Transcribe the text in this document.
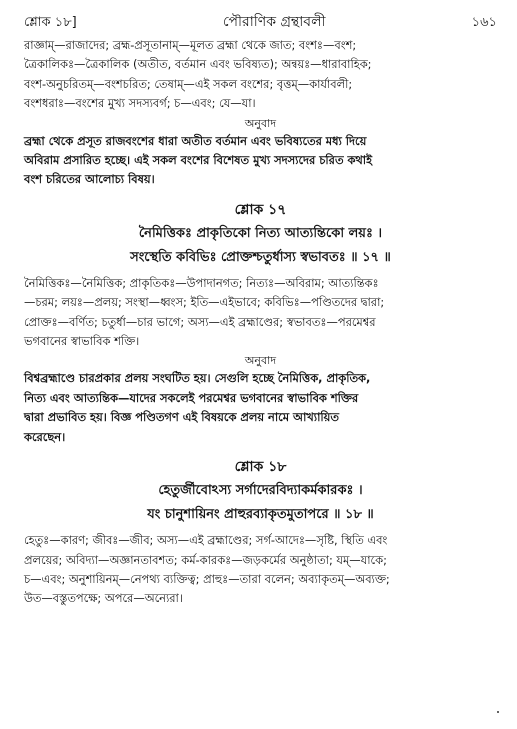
শ্লোক ১৮]	পৌরাণিক গ্রন্থাবলী	১৬১

রাজ্ঞাম্—রাজাদের; ব্রহ্ম-প্রসূতানাম্—মূলত ব্রহ্মা থেকে জাত; বংশঃ—বংশ;

ত্রৈকালিকঃ—ত্রৈকালিক (অতীত, বর্তমান এবং ভবিষ্যত); অন্বয়ঃ—ধারাবাহিক;

বংশ-অনুচরিতম্—বংশচরিত; তেষাম্—এই সকল বংশের; বৃত্তম্—কার্যাবলী;

বংশধরাঃ—বংশের মুখ্য সদস্যবর্গ; চ—এবং; যে—যা।

অনুবাদ

ব্রহ্মা থেকে প্রসূত রাজবংশের ধারা অতীত বর্তমান এবং ভবিষ্যতের মধ্য দিয়ে

অবিরাম প্রসারিত হচ্ছে। এই সকল বংশের বিশেষত মুখ্য সদস্যদের চরিত কথাই

বংশ চরিতের আলোচ্য বিষয়।

শ্লোক ১৭
নৈমিত্তিকঃ প্রাকৃতিকো নিত্য আত্যন্তিকো লয়ঃ ।
সংস্থেতি কবিভিঃ প্রোক্তশ্চতুর্ধাস্য স্বভাবতঃ ॥ ১৭ ॥

নৈমিত্তিকঃ—নৈমিত্তিক; প্রাকৃতিকঃ—উপাদানগত; নিত্যঃ—অবিরাম; আত্যন্তিকঃ

—চরম; লয়ঃ—প্রলয়; সংস্থা—ধ্বংস; ইতি—এইভাবে; কবিভিঃ—পণ্ডিতদের দ্বারা;

প্রোক্তঃ—বর্ণিত; চতুর্ধা—চার ভাগে; অস্য—এই ব্রহ্মাণ্ডের; স্বভাবতঃ—পরমেশ্বর

ভগবানের স্বাভাবিক শক্তি।

অনুবাদ

বিশ্বব্রহ্মাণ্ডে চারপ্রকার প্রলয় সংঘটিত হয়। সেগুলি হচ্ছে নৈমিত্তিক, প্রাকৃতিক,

নিত্য এবং আত্যন্তিক—যাদের সকলেই পরমেশ্বর ভগবানের স্বাভাবিক শক্তির

দ্বারা প্রভাবিত হয়। বিজ্ঞ পণ্ডিতগণ এই বিষয়কে প্রলয় নামে আখ্যায়িত

করেছেন।

শ্লোক ১৮
হেতুর্জীবোঽস্য সর্গাদেরবিদ্যাকর্মকারকঃ ।
যং চানুশায়িনং প্রাহুরব্যাকৃতমুতাপরে ॥ ১৮ ॥

হেতুঃ—কারণ; জীবঃ—জীব; অস্য—এই ব্রহ্মাণ্ডের; সর্গ-আদেঃ—সৃষ্টি, স্থিতি এবং

প্রলয়ের; অবিদ্যা—অজ্ঞানতাবশত; কর্ম-কারকঃ—জড়কর্মের অনুষ্ঠাতা; যম্—যাকে;

চ—এবং; অনুশায়িনম্—নেপথ্য ব্যক্তিত্ব; প্রাহুঃ—তারা বলেন; অব্যাকৃতম্—অব্যক্ত;

উত—বস্তুতপক্ষে; অপরে—অন্যেরা।
